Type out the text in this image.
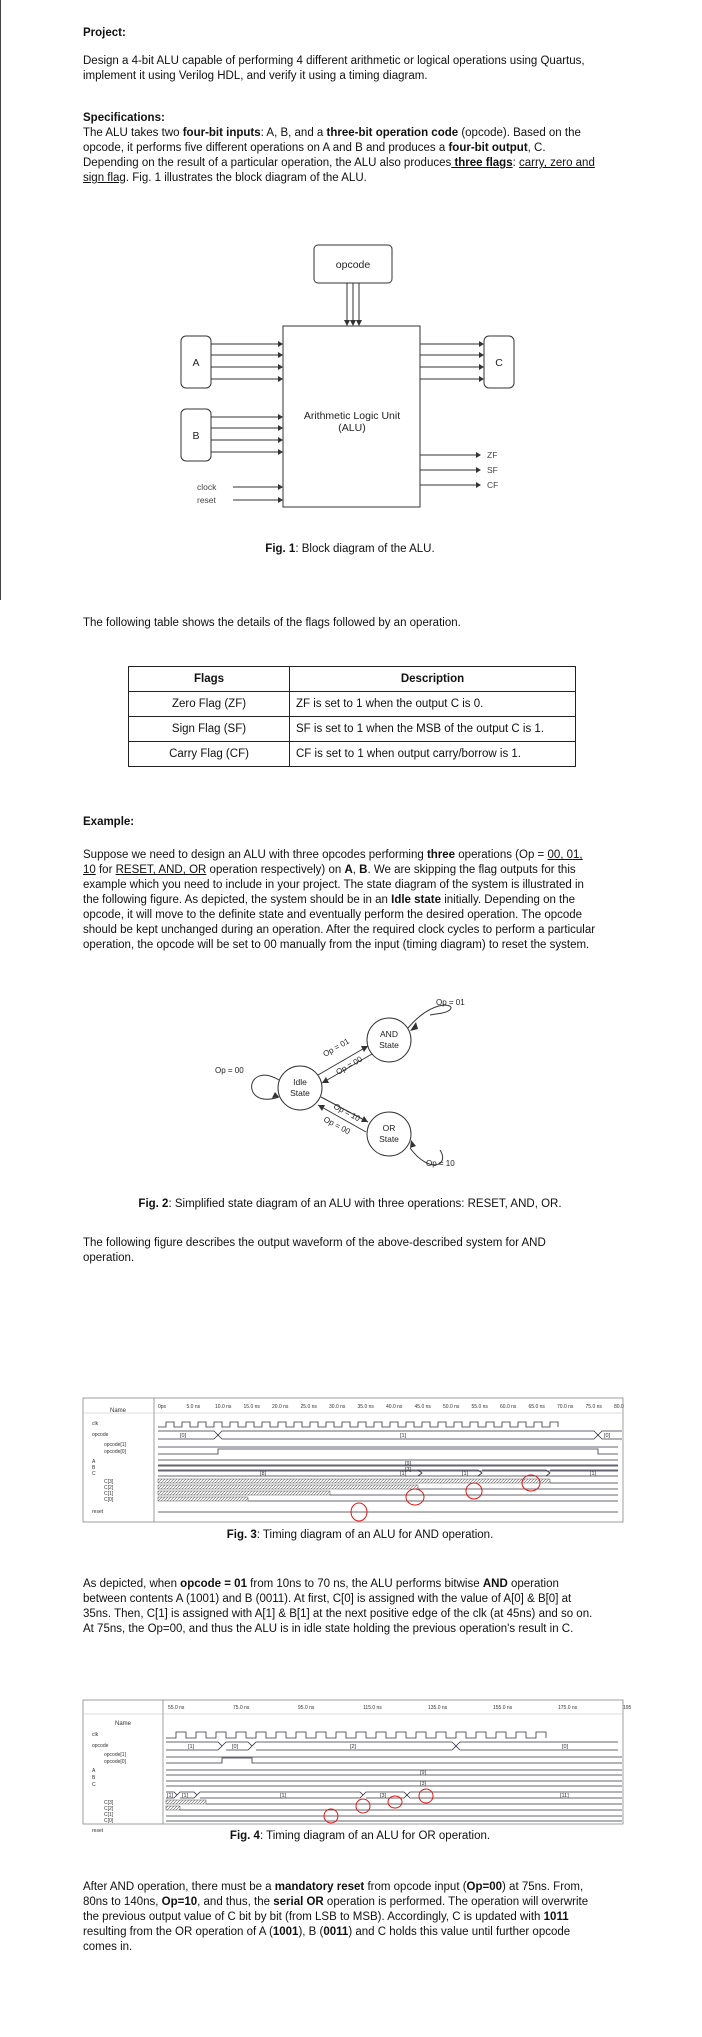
Project:

Design a 4-bit ALU capable of performing 4 different arithmetic or logical operations using Quartus, implement it using Verilog HDL, and verify it using a timing diagram.

Specifications:

The ALU takes two four-bit inputs: A, B, and a three-bit operation code (opcode). Based on the opcode, it performs five different operations on A and B and produces a four-bit output, C. Depending on the result of a particular operation, the ALU also produces three flags: carry, zero and sign flag. Fig. 1 illustrates the block diagram of the ALU.

opcode
A
B
C
Arithmetic Logic Unit
(ALU)
clock
reset
ZF
SF
CF
Fig. 1: Block diagram of the ALU.
The following table shows the details of the flags followed by an operation.
Flags	Description
Zero Flag (ZF)	ZF is set to 1 when the output C is 0.
Sign Flag (SF)	SF is set to 1 when the MSB of the output C is 1.
Carry Flag (CF)	CF is set to 1 when output carry/borrow is 1.

Example:

Suppose we need to design an ALU with three opcodes performing three operations (Op = 00, 01, 10 for RESET, AND, OR operation respectively) on A, B. We are skipping the flag outputs for this example which you need to include in your project. The state diagram of the system is illustrated in the following figure. As depicted, the system should be in an Idle state initially. Depending on the opcode, it will move to the definite state and eventually perform the desired operation. The opcode should be kept unchanged during an operation. After the required clock cycles to perform a particular operation, the opcode will be set to 00 manually from the input (timing diagram) to reset the system.

Idle
State
AND
State
OR
State
Op = 00
Op = 01
Op = 10
Op = 01
Op = 00
Op = 10
Op = 00
Fig. 2: Simplified state diagram of an ALU with three operations: RESET, AND, OR.
The following figure describes the output waveform of the above-described system for AND operation.
Name
0ps	5.0 ns	10.0 ns 15.0 ns 20.0 ns 25.0 ns 30.0 ns 35.0 ns 40.0 ns 45.0 ns 50.0 ns 55.0 ns 60.0 ns 65.0 ns 70.0 ns 75.0 ns 80.0
clk
opcode
opcode[1]
opcode[0]
A
B
C
C[3]
C[2]
C[1]
C[0]
reset
[0]	[1]	[0]
[9]
[3]
[8]	[1]	[1]	[1]
Fig. 3: Timing diagram of an ALU for AND operation.
As depicted, when opcode = 01 from 10ns to 70 ns, the ALU performs bitwise AND operation between contents A (1001) and B (0011). At first, C[0] is assigned with the value of A[0] & B[0] at 35ns. Then, C[1] is assigned with A[1] & B[1] at the next positive edge of the clk (at 45ns) and so on. At 75ns, the Op=00, and thus the ALU is in idle state holding the previous operation's result in C.
Name
55.0 ns	75.0 ns	95.0 ns	115.0 ns	135.0 ns	155.0 ns	175.0 ns	195
clk
opcode
opcode[1]
opcode[0]
A
B
C
C[3]
C[2]
C[1]
C[0]
reset
[1]	[0]	[2]	[0]
[9]
[3]
[1] [1]	[1]	[3]	[11]
Fig. 4: Timing diagram of an ALU for OR operation.
After AND operation, there must be a mandatory reset from opcode input (Op=00) at 75ns. From, 80ns to 140ns, Op=10, and thus, the serial OR operation is performed. The operation will overwrite the previous output value of C bit by bit (from LSB to MSB). Accordingly, C is updated with 1011 resulting from the OR operation of A (1001), B (0011) and C holds this value until further opcode comes in.
